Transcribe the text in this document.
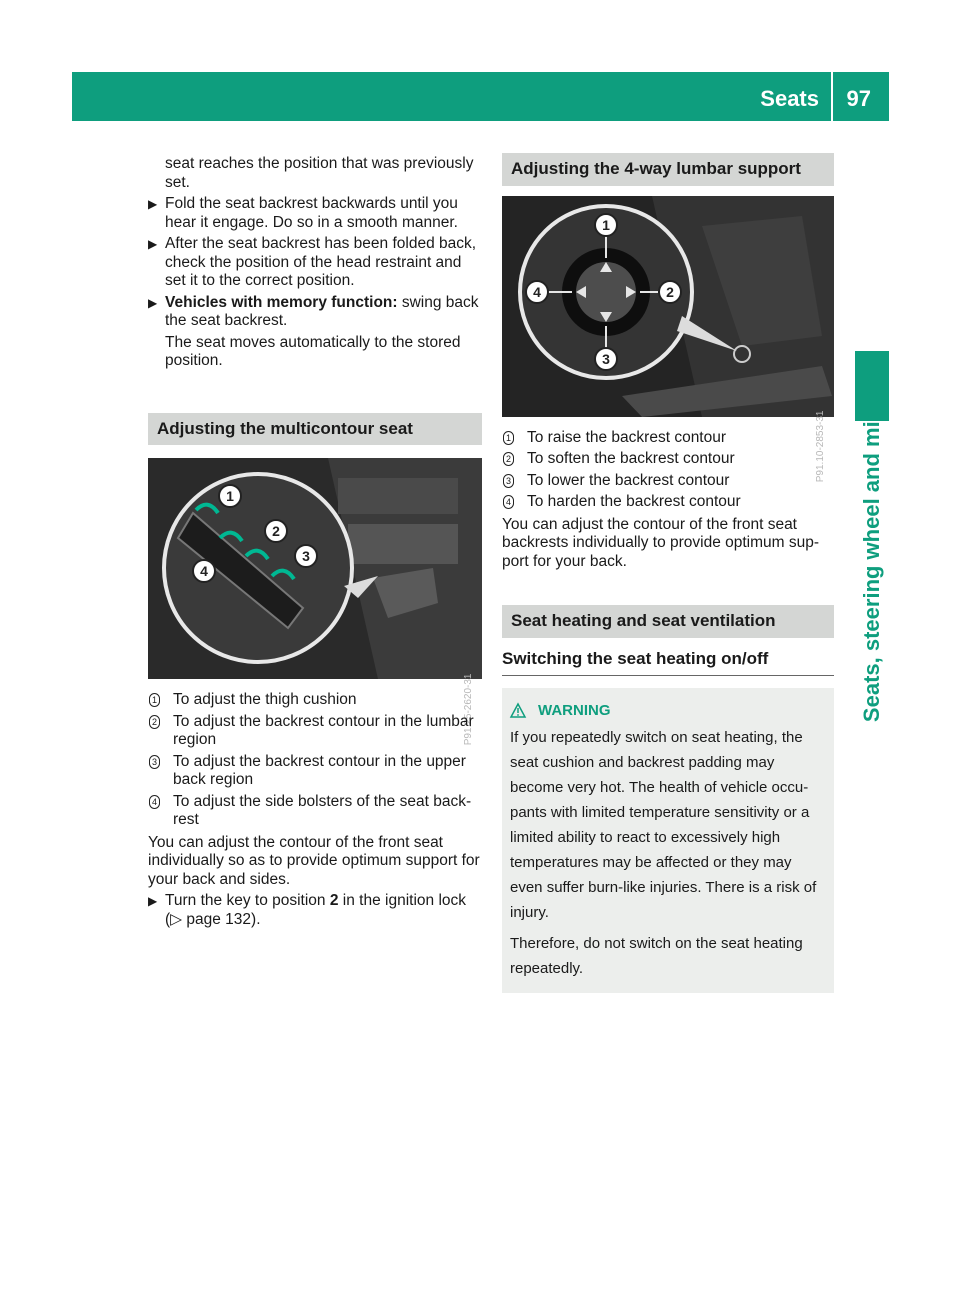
Seats 97
Seats, steering wheel and mirrors

seat reaches the position that was previously set.

▶ Fold the seat backrest backwards until you hear it engage. Do so in a smooth manner.
▶ After the seat backrest has been folded back, check the position of the head restraint and set it to the correct position.
▶ Vehicles with memory function: swing back the seat backrest.

The seat moves automatically to the stored position.

Adjusting the multicontour seat
1
2
3
4
P91.25-2620-31
1 To adjust the thigh cushion
2 To adjust the backrest contour in the lumbar region
3 To adjust the backrest contour in the upper back region
4 To adjust the side bolsters of the seat back-rest

You can adjust the contour of the front seat individually so as to provide optimum support for your back and sides.

▶ Turn the key to position 2 in the ignition lock
(▷ page 132).
Adjusting the 4-way lumbar support
1
2
3
4
P91.10-2853-31
1 To raise the backrest contour
2 To soften the backrest contour
3 To lower the backrest contour
4 To harden the backrest contour

You can adjust the contour of the front seat backrests individually to provide optimum sup-port for your back.

Seat heating and seat ventilation
Switching the seat heating on/off
WARNING

If you repeatedly switch on seat heating, the seat cushion and backrest padding may become very hot. The health of vehicle occu-pants with limited temperature sensitivity or a limited ability to react to excessively high temperatures may be affected or they may even suffer burn-like injuries. There is a risk of injury.

Therefore, do not switch on the seat heating repeatedly.
